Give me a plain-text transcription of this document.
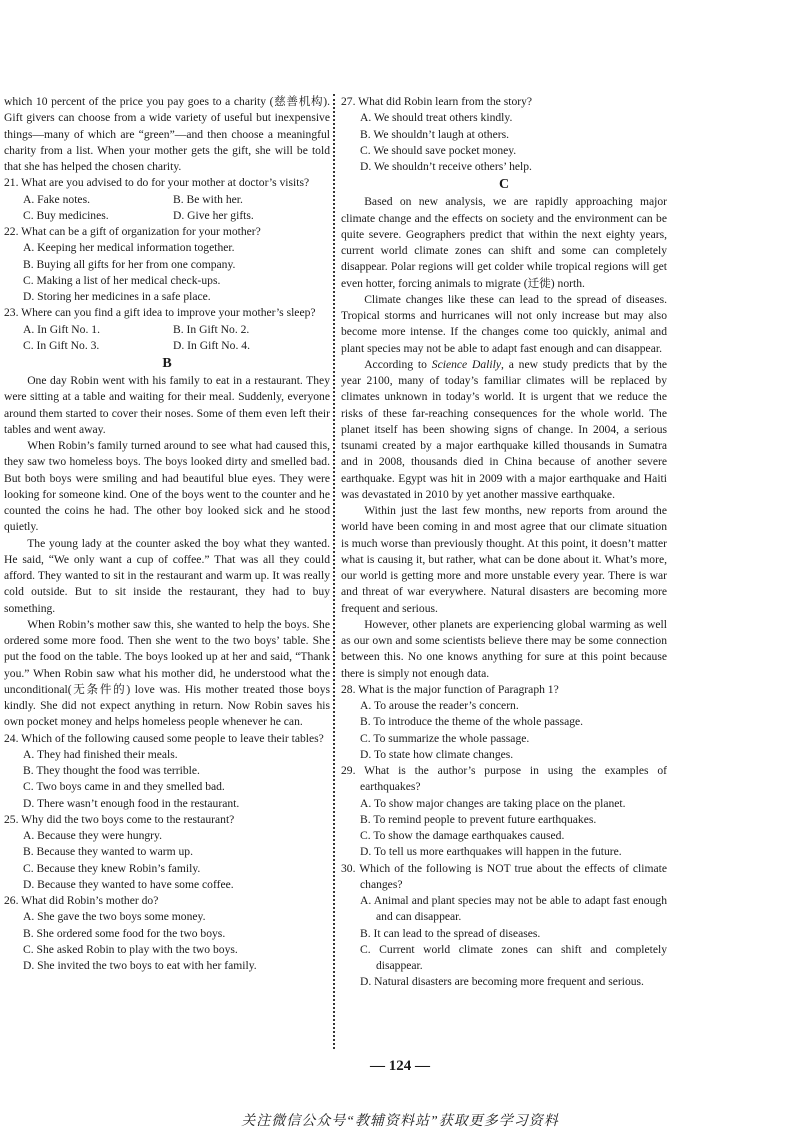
which 10 percent of the price you pay goes to a charity (慈善机构). Gift givers can choose from a wide variety of useful but inexpensive things—many of which are “green”—and then choose a meaningful charity from a list. When your mother gets the gift, she will be told that she has helped the chosen charity.

21. What are you advised to do for your mother at doctor’s visits?

A. Fake notes.	B. Be with her.
C. Buy medicines.	D. Give her gifts.

22. What can be a gift of organization for your mother?

A. Keeping her medical information together.

B. Buying all gifts for her from one company.

C. Making a list of her medical check-ups.

D. Storing her medicines in a safe place.

23. Where can you find a gift idea to improve your mother’s sleep?

A. In Gift No. 1.	B. In Gift No. 2.
C. In Gift No. 3.	D. In Gift No. 4.

B

One day Robin went with his family to eat in a restaurant. They were sitting at a table and waiting for their meal. Suddenly, everyone around them started to cover their noses. Some of them even left their tables and went away.

When Robin’s family turned around to see what had caused this, they saw two homeless boys. The boys looked dirty and smelled bad. But both boys were smiling and had beautiful blue eyes. They were looking for someone kind. One of the boys went to the counter and he counted the coins he had. The other boy looked sick and he stood quietly.

The young lady at the counter asked the boy what they wanted. He said, “We only want a cup of coffee.” That was all they could afford. They wanted to sit in the restaurant and warm up. It was really cold outside. But to sit inside the restaurant, they had to buy something.

When Robin’s mother saw this, she wanted to help the boys. She ordered some more food. Then she went to the two boys’ table. She put the food on the table. The boys looked up at her and said, “Thank you.” When Robin saw what his mother did, he understood what the unconditional(无条件的) love was. His mother treated those boys kindly. She did not expect anything in return. Now Robin saves his own pocket money and helps homeless people whenever he can.

24. Which of the following caused some people to leave their tables?

A. They had finished their meals.

B. They thought the food was terrible.

C. Two boys came in and they smelled bad.

D. There wasn’t enough food in the restaurant.

25. Why did the two boys come to the restaurant?

A. Because they were hungry.

B. Because they wanted to warm up.

C. Because they knew Robin’s family.

D. Because they wanted to have some coffee.

26. What did Robin’s mother do?

A. She gave the two boys some money.

B. She ordered some food for the two boys.

C. She asked Robin to play with the two boys.

D. She invited the two boys to eat with her family.

27. What did Robin learn from the story?

A. We should treat others kindly.

B. We shouldn’t laugh at others.

C. We should save pocket money.

D. We shouldn’t receive others’ help.

C

Based on new analysis, we are rapidly approaching major climate change and the effects on society and the environment can be quite severe. Geographers predict that within the next eighty years, current world climate zones can shift and some can completely disappear. Polar regions will get colder while tropical regions will get even hotter, forcing animals to migrate (迁徙) north.

Climate changes like these can lead to the spread of diseases. Tropical storms and hurricanes will not only increase but may also become more intense. If the changes come too quickly, animal and plant species may not be able to adapt fast enough and can disappear.

According to Science Dalily, a new study predicts that by the year 2100, many of today’s familiar climates will be replaced by climates unknown in today’s world. It is urgent that we reduce the risks of these far-reaching consequences for the whole world. The planet itself has been showing signs of change. In 2004, a serious tsunami created by a major earthquake killed thousands in Sumatra and in 2008, thousands died in China because of another severe earthquake. Egypt was hit in 2009 with a major earthquake and Haiti was devastated in 2010 by yet another massive earthquake.

Within just the last few months, new reports from around the world have been coming in and most agree that our climate situation is much worse than previously thought. At this point, it doesn’t matter what is causing it, but rather, what can be done about it. What’s more, our world is getting more and more unstable every year. There is war and threat of war everywhere. Natural disasters are becoming more frequent and serious.

However, other planets are experiencing global warming as well as our own and some scientists believe there may be some connection between this. No one knows anything for sure at this point because there is simply not enough data.

28. What is the major function of Paragraph 1?

A. To arouse the reader’s concern.

B. To introduce the theme of the whole passage.

C. To summarize the whole passage.

D. To state how climate changes.

29. What is the author’s purpose in using the examples of earthquakes?

A. To show major changes are taking place on the planet.

B. To remind people to prevent future earthquakes.

C. To show the damage earthquakes caused.

D. To tell us more earthquakes will happen in the future.

30. Which of the following is NOT true about the effects of climate changes?

A. Animal and plant species may not be able to adapt fast enough and can disappear.

B. It can lead to the spread of diseases.

C. Current world climate zones can shift and completely disappear.

D. Natural disasters are becoming more frequent and serious.

— 124 —
关注微信公众号“教辅资料站”获取更多学习资料
